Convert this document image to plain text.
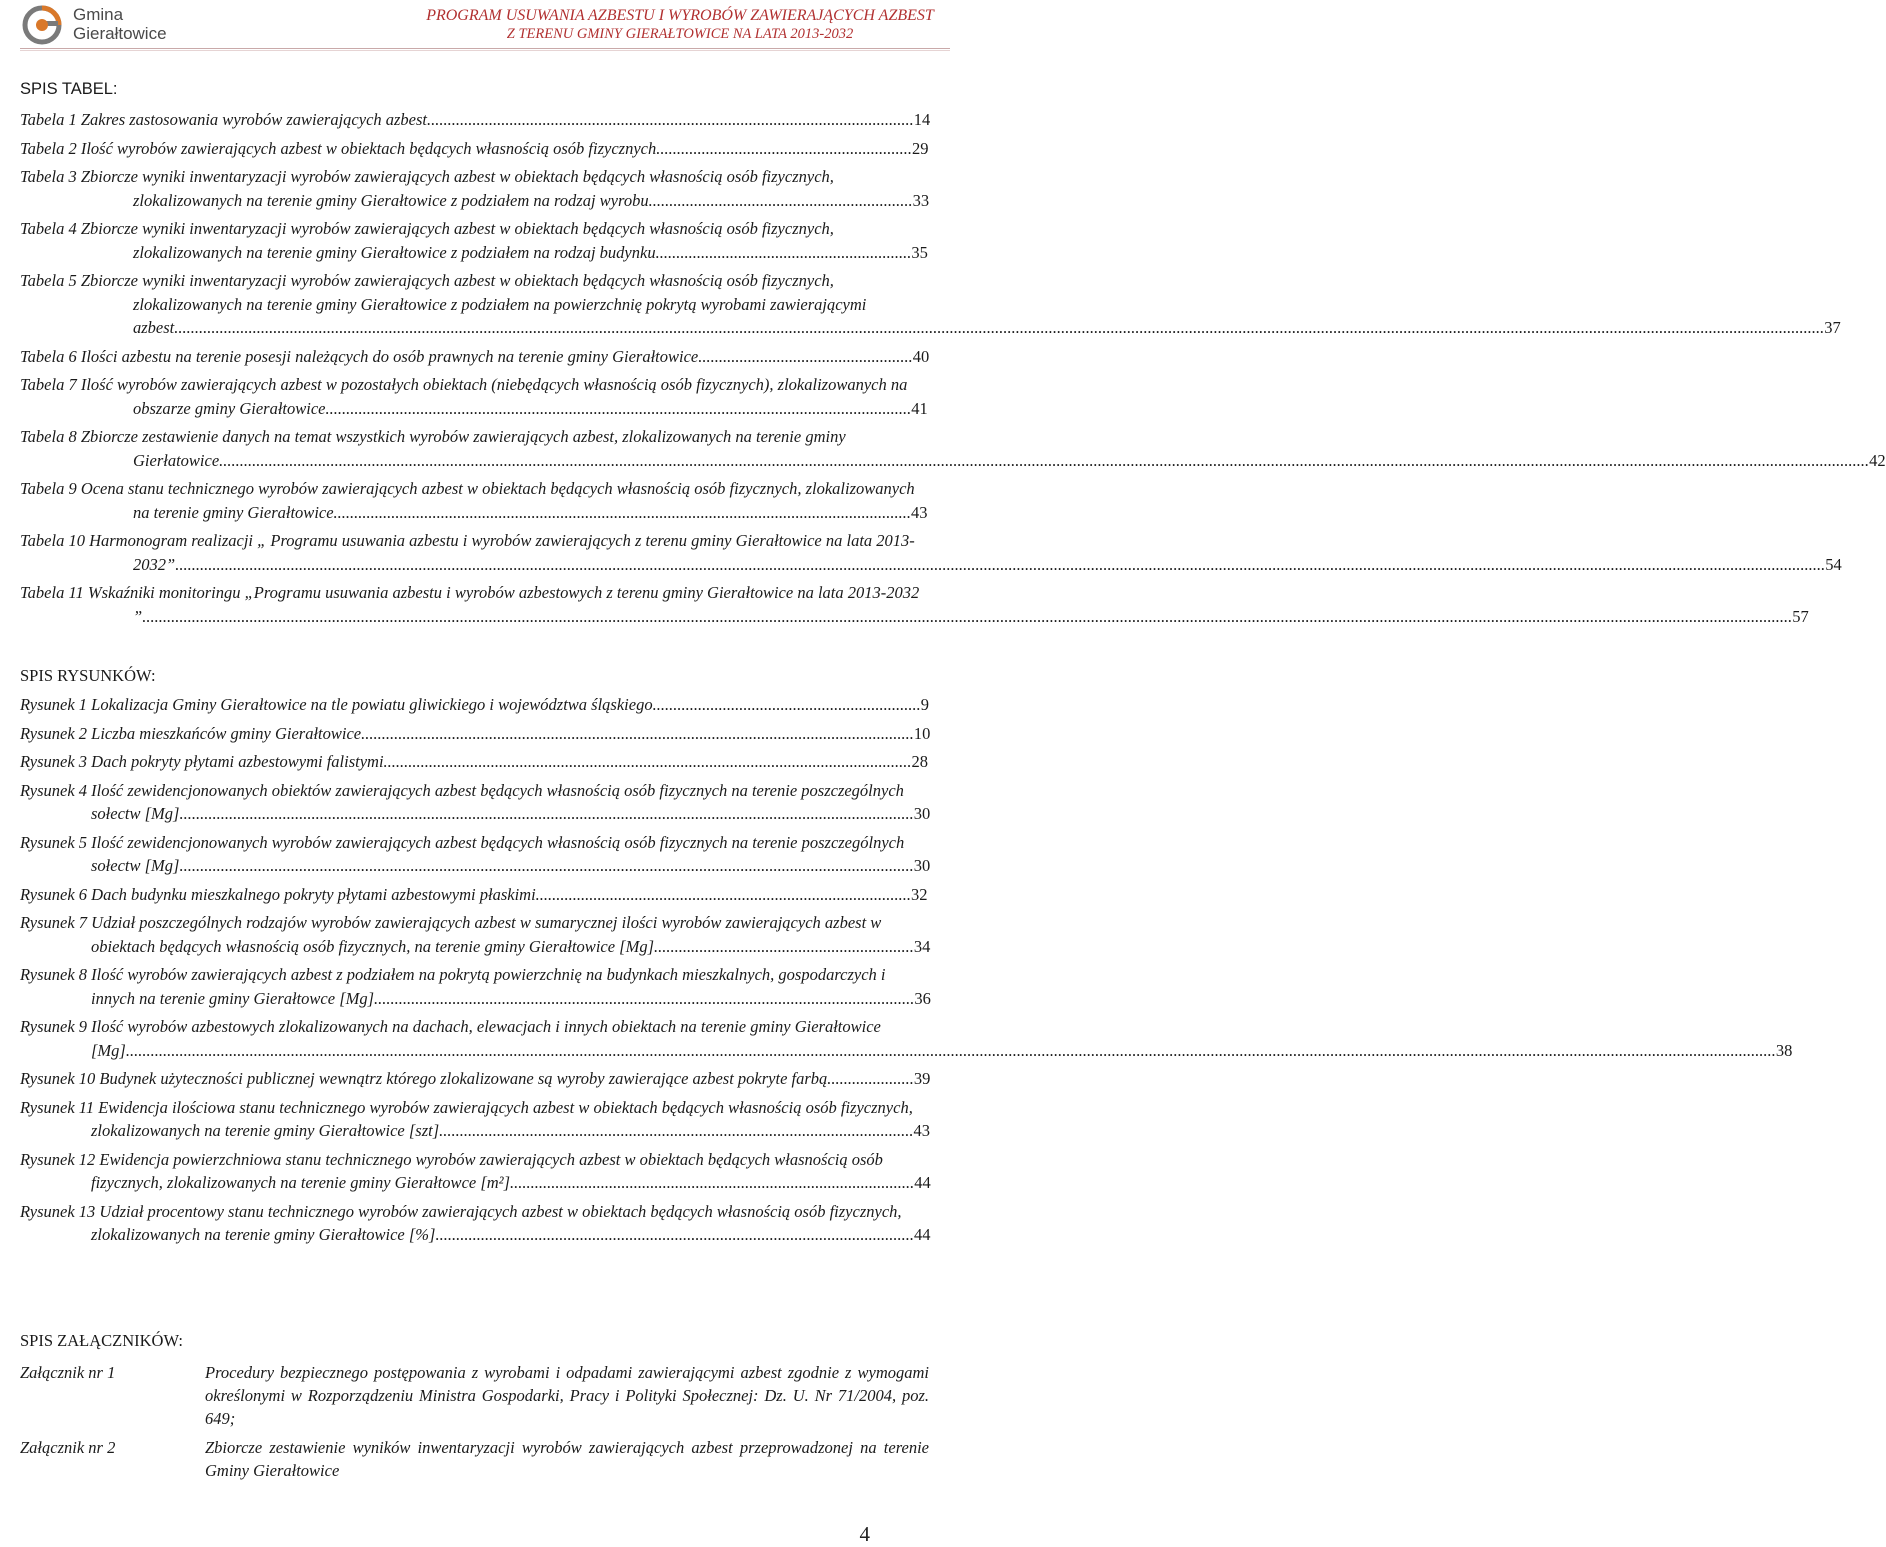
Gmina
Gierałtowice
PROGRAM USUWANIA AZBESTU I WYROBÓW ZAWIERAJĄCYCH AZBEST
Z TERENU GMINY GIERAŁTOWICE NA LATA 2013-2032
SPIS TABEL:
Tabela 1 Zakres zastosowania wyrobów zawierających azbest......................................................................................................................14
Tabela 2 Ilość wyrobów zawierających azbest w obiektach będących własnością osób fizycznych..............................................................29
Tabela 3 Zbiorcze wyniki inwentaryzacji wyrobów zawierających azbest w obiektach będących własnością osób fizycznych, zlokalizowanych na terenie gminy Gierałtowice z podziałem na rodzaj wyrobu................................................................33
Tabela 4 Zbiorcze wyniki inwentaryzacji wyrobów zawierających azbest w obiektach będących własnością osób fizycznych, zlokalizowanych na terenie gminy Gierałtowice z podziałem na rodzaj budynku..............................................................35
Tabela 5 Zbiorcze wyniki inwentaryzacji wyrobów zawierających azbest w obiektach będących własnością osób fizycznych, zlokalizowanych na terenie gminy Gierałtowice z podziałem na powierzchnię pokrytą wyrobami zawierającymi azbest................................................................................................................................................................................................................................................................................................................................................................................................................37
Tabela 6 Ilości azbestu na terenie posesji należących do osób prawnych na terenie gminy Gierałtowice....................................................40
Tabela 7 Ilość wyrobów zawierających azbest w pozostałych obiektach (niebędących własnością osób fizycznych), zlokalizowanych na obszarze gminy Gierałtowice..............................................................................................................................................41
Tabela 8 Zbiorcze zestawienie danych na temat wszystkich wyrobów zawierających azbest, zlokalizowanych na terenie gminy Gierłatowice................................................................................................................................................................................................................................................................................................................................................................................................................42
Tabela 9 Ocena stanu technicznego wyrobów zawierających azbest w obiektach będących własnością osób fizycznych, zlokalizowanych na terenie gminy Gierałtowice............................................................................................................................................43
Tabela 10 Harmonogram realizacji „ Programu usuwania azbestu i wyrobów zawierających z terenu gminy Gierałtowice na lata 2013-2032”................................................................................................................................................................................................................................................................................................................................................................................................................54
Tabela 11 Wskaźniki monitoringu „Programu usuwania azbestu i wyrobów azbestowych z terenu gminy Gierałtowice na lata 2013-2032 ”................................................................................................................................................................................................................................................................................................................................................................................................................57
SPIS RYSUNKÓW:
Rysunek 1 Lokalizacja Gminy Gierałtowice na tle powiatu gliwickiego i województwa śląskiego.................................................................9
Rysunek 2 Liczba mieszkańców gminy Gierałtowice......................................................................................................................................10
Rysunek 3 Dach pokryty płytami azbestowymi falistymi................................................................................................................................28
Rysunek 4 Ilość zewidencjonowanych obiektów zawierających azbest będących własnością osób fizycznych na terenie poszczególnych sołectw [Mg]..................................................................................................................................................................................30
Rysunek 5 Ilość zewidencjonowanych wyrobów zawierających azbest będących własnością osób fizycznych na terenie poszczególnych sołectw [Mg]..................................................................................................................................................................................30
Rysunek 6 Dach budynku mieszkalnego pokryty płytami azbestowymi płaskimi...........................................................................................32
Rysunek 7 Udział poszczególnych rodzajów wyrobów zawierających azbest w sumarycznej ilości wyrobów zawierających azbest w obiektach będących własnością osób fizycznych, na terenie gminy Gierałtowice [Mg]...............................................................34
Rysunek 8 Ilość wyrobów zawierających azbest z podziałem na pokrytą powierzchnię na budynkach mieszkalnych, gospodarczych i innych na terenie gminy Gierałtowce [Mg]...................................................................................................................................36
Rysunek 9 Ilość wyrobów azbestowych zlokalizowanych na dachach, elewacjach i innych obiektach na terenie gminy Gierałtowice [Mg]................................................................................................................................................................................................................................................................................................................................................................................................................38
Rysunek 10 Budynek użyteczności publicznej wewnątrz którego zlokalizowane są wyroby zawierające azbest pokryte farbą.....................39
Rysunek 11 Ewidencja ilościowa stanu technicznego wyrobów zawierających azbest w obiektach będących własnością osób fizycznych, zlokalizowanych na terenie gminy Gierałtowice [szt]...................................................................................................................43
Rysunek 12 Ewidencja powierzchniowa stanu technicznego wyrobów zawierających azbest w obiektach będących własnością osób fizycznych, zlokalizowanych na terenie gminy Gierałtowce [m²]..................................................................................................44
Rysunek 13 Udział procentowy stanu technicznego wyrobów zawierających azbest w obiektach będących własnością osób fizycznych, zlokalizowanych na terenie gminy Gierałtowice [%]....................................................................................................................44
SPIS ZAŁĄCZNIKÓW:
Załącznik nr 1	Procedury bezpiecznego postępowania z wyrobami i odpadami zawierającymi azbest zgodnie z wymogami określonymi w Rozporządzeniu Ministra Gospodarki, Pracy i Polityki Społecznej: Dz. U. Nr 71/2004, poz. 649;
Załącznik nr 2	Zbiorcze zestawienie wyników inwentaryzacji wyrobów zawierających azbest przeprowadzonej na terenie Gminy Gierałtowice
4
